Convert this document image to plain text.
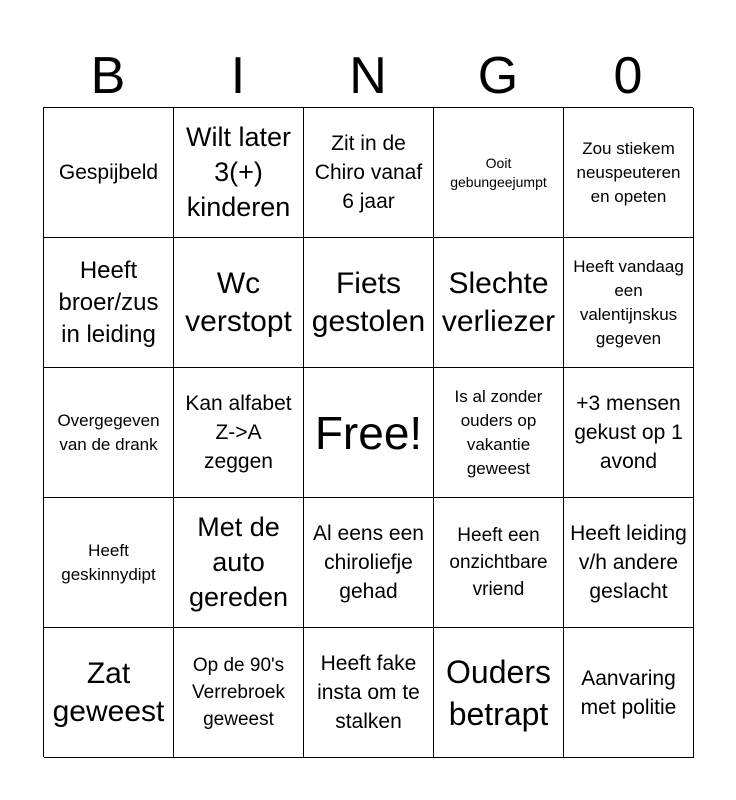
B	I	N	G	0
Gespijbeld
Wilt later 3(+) kinderen
Zit in de Chiro vanaf 6 jaar
Ooit gebungeejumpt
Zou stiekem neuspeuteren en opeten
Heeft broer/zus in leiding
Wc verstopt
Fiets gestolen
Slechte verliezer
Heeft vandaag een valentijnskus gegeven
Overgegeven van de drank
Kan alfabet Z->A zeggen
Free!
Is al zonder ouders op vakantie geweest
+3 mensen gekust op 1 avond
Heeft geskinnydipt
Met de auto gereden
Al eens een chiroliefje gehad
Heeft een onzichtbare vriend
Heeft leiding v/h andere geslacht
Zat geweest
Op de 90's Verrebroek geweest
Heeft fake insta om te stalken
Ouders betrapt
Aanvaring met politie
